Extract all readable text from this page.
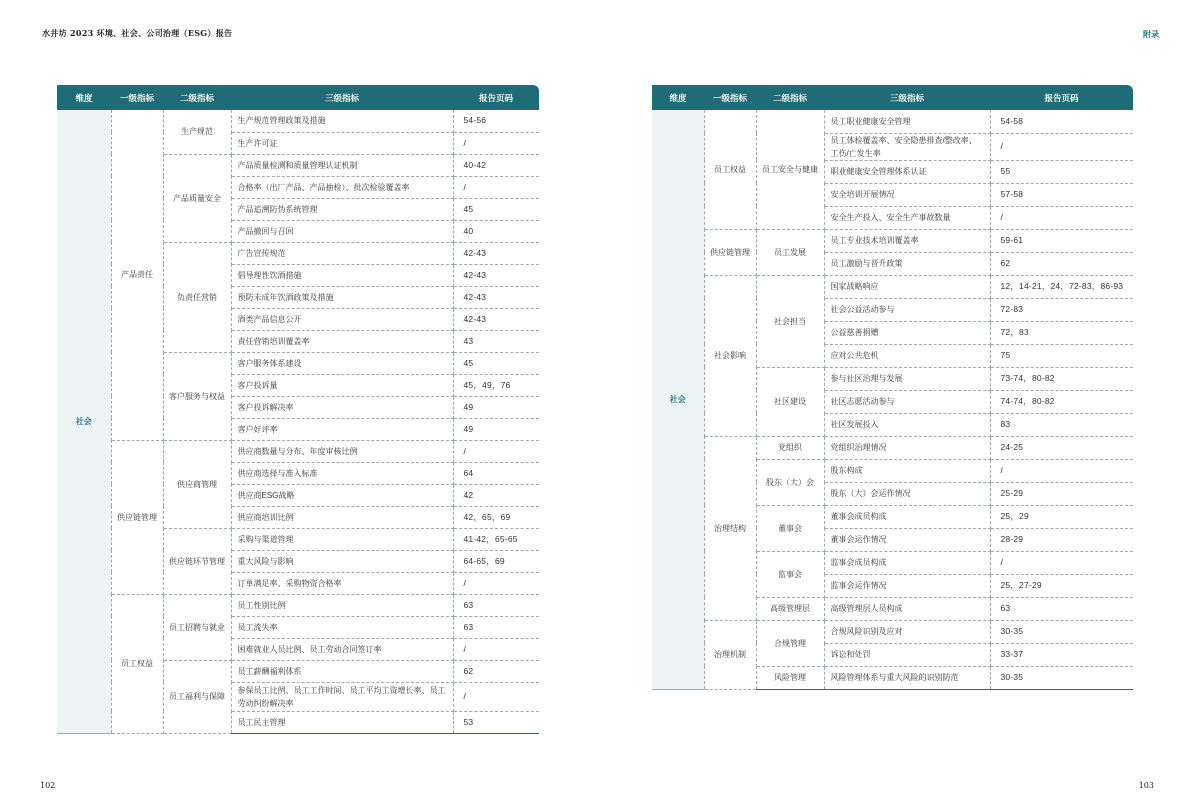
水井坊 2023 环境、社会、公司治理（ESG）报告
维度	一级指标	二级指标	三级指标	报告页码
社会	产品责任	生产规范	生产规范管理政策及措施	54-56
			生产许可证	/
		产品质量安全	产品质量检测和质量管理认证机制	40-42
			合格率（出厂产品、产品抽检）、批次检验覆盖率	/
			产品追溯防伪系统管理	45
			产品撤回与召回	40
		负责任营销	广告宣传规范	42-43
			倡导理性饮酒措施	42-43
			预防未成年饮酒政策及措施	42-43
			酒类产品信息公开	42-43
			责任营销培训覆盖率	43
		客户服务与权益	客户服务体系建设	45
			客户投诉量	45，49，76
			客户投诉解决率	49
			客户好评率	49
	供应链管理	供应商管理	供应商数量与分布、年度审核比例	/
			供应商选择与准入标准	64
			供应商ESG战略	42
			供应商培训比例	42，65，69
		供应链环节管理	采购与渠道管理	41-42，65-65
			重大风险与影响	64-65，69
			订单满足率、采购物资合格率	/
	员工权益	员工招聘与就业	员工性别比例	63
			员工流失率	63
			困难就业人员比例、员工劳动合同签订率	/
		员工福利与保障	员工薪酬福利体系	62
			参保员工比例、员工工作时间、员工平均工资增长率、员工劳动纠纷解决率	/
			员工民主管理	53
102
附录
维度	一级指标	二级指标	三级指标	报告页码
社会	员工权益	员工安全与健康	员工职业健康安全管理	54-58
			员工体检覆盖率、安全隐患排查/整改率、工伤/亡发生率	/
			职业健康安全管理体系认证	55
			安全培训开展情况	57-58
			安全生产投入、安全生产事故数量	/
	供应链管理	员工发展	员工专业技术培训覆盖率	59-61
			员工激励与晋升政策	62
	社会影响	社会担当	国家战略响应	12，14-21，24，72-83，86-93
			社会公益活动参与	72-83
			公益慈善捐赠	72，83
			应对公共危机	75
		社区建设	参与社区治理与发展	73-74，80-82
			社区志愿活动参与	74-74，80-82
			社区发展投入	83
	治理结构	党组织	党组织治理情况	24-25
		股东（大）会	股东构成	/
			股东（大）会运作情况	25-29
		董事会	董事会成员构成	25，29
			董事会运作情况	28-29
		监事会	监事会成员构成	/
			监事会运作情况	25，27-29
		高级管理层	高级管理层人员构成	63
	治理机制	合规管理	合规风险识别及应对	30-35
			诉讼和处罚	33-37
		风险管理	风险管理体系与重大风险的识别防范	30-35
103
